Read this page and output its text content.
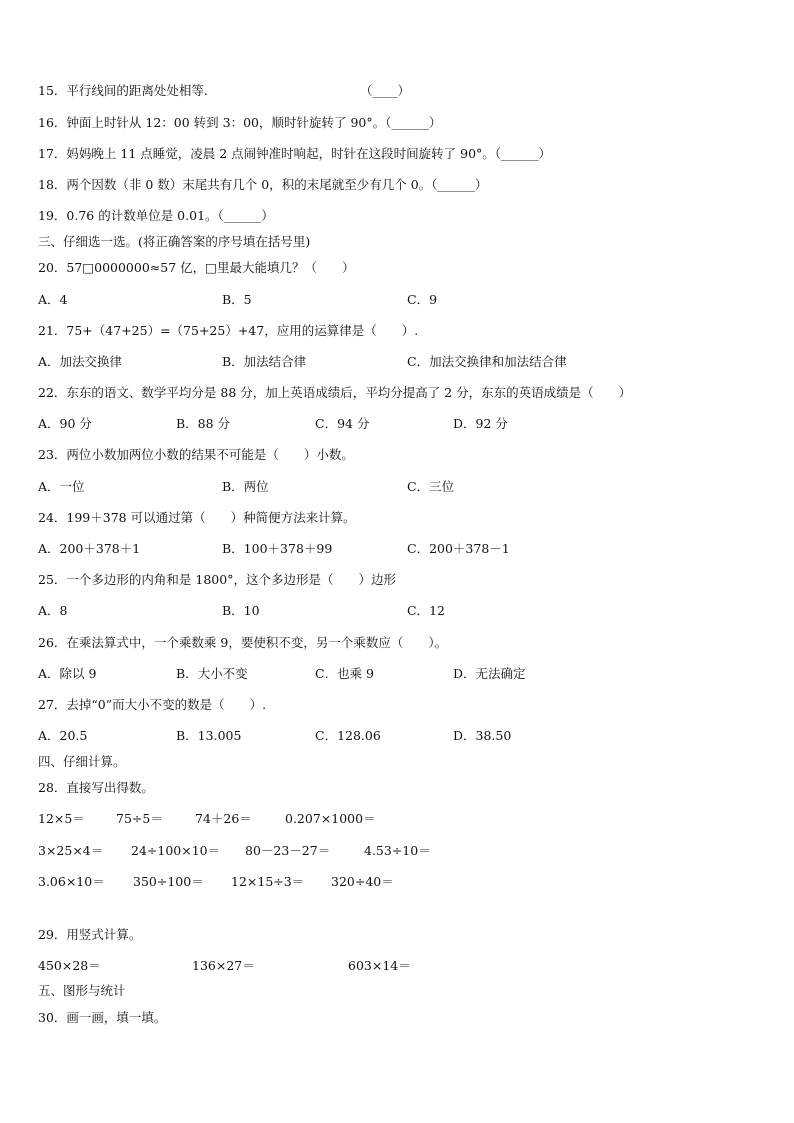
15．平行线间的距离处处相等.	（____）
16．钟面上时针从 12：00 转到 3：00，顺时针旋转了 90°。（______）
17．妈妈晚上 11 点睡觉，凌晨 2 点闹钟准时响起，时针在这段时间旋转了 90°。（______）
18．两个因数（非 0 数）末尾共有几个 0，积的末尾就至少有几个 0。（______）
19．0.76 的计数单位是 0.01。（______）
三、仔细选一选。(将正确答案的序号填在括号里)
20．57□0000000≈57 亿，□里最大能填几？（　　）
A．4	B．5	C．9
21．75+（47+25）=（75+25）+47，应用的运算律是（　　）.
A．加法交换律	B．加法结合律	C．加法交换律和加法结合律
22．东东的语文、数学平均分是 88 分，加上英语成绩后，平均分提高了 2 分，东东的英语成绩是（　　）
A．90 分	B．88 分	C．94 分	D．92 分
23．两位小数加两位小数的结果不可能是（　　）小数。
A．一位	B．两位	C．三位
24．199＋378 可以通过第（　　）种简便方法来计算。
A．200＋378＋1	B．100＋378＋99	C．200＋378－1
25．一个多边形的内角和是 1800°，这个多边形是（　　）边形
A．8	B．10	C．12
26．在乘法算式中，一个乘数乘 9，要使积不变，另一个乘数应（　　）。
A．除以 9	B．大小不变	C．也乘 9	D．无法确定
27．去掉“0”而大小不变的数是（　　）.
A．20.5	B．13.005	C．128.06	D．38.50
四、仔细计算。
28．直接写出得数。
12×5＝ 75÷5＝	74＋26＝	0.207×1000＝
3×25×4＝ 24÷100×10＝ 80－23－27＝	4.53÷10＝
3.06×10＝ 350÷100＝ 12×15÷3＝ 320÷40＝
29．用竖式计算。
450×28＝	136×27＝	603×14＝
五、图形与统计
30．画一画，填一填。
